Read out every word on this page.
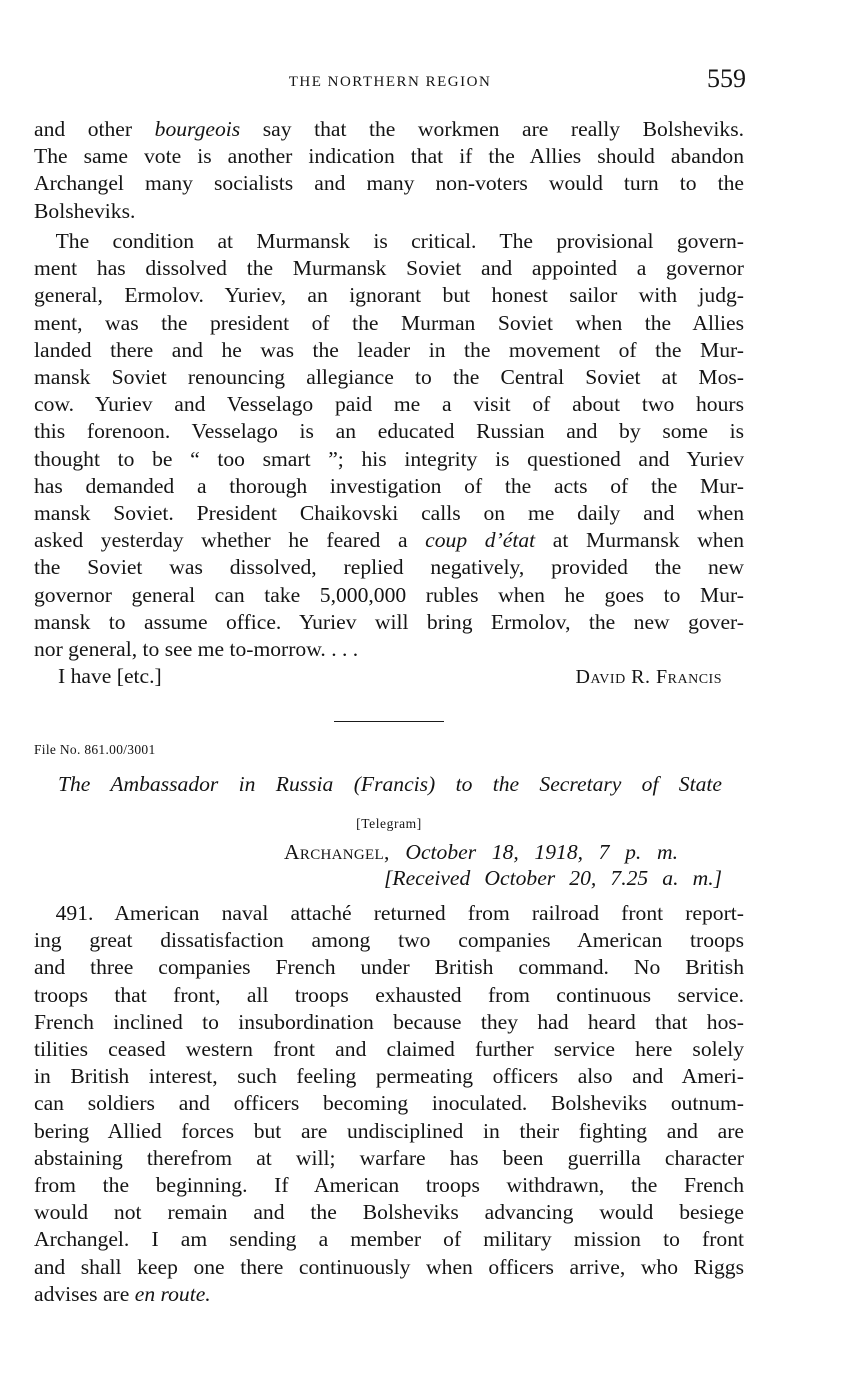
THE NORTHERN REGION	559
and other bourgeois say that the workmen are really Bolsheviks.
The same vote is another indication that if the Allies should abandon
Archangel many socialists and many non-voters would turn to the
Bolsheviks.
 The condition at Murmansk is critical. The provisional govern-
ment has dissolved the Murmansk Soviet and appointed a governor
general, Ermolov. Yuriev, an ignorant but honest sailor with judg-
ment, was the president of the Murman Soviet when the Allies
landed there and he was the leader in the movement of the Mur-
mansk Soviet renouncing allegiance to the Central Soviet at Mos-
cow. Yuriev and Vesselago paid me a visit of about two hours
this forenoon. Vesselago is an educated Russian and by some is
thought to be “ too smart ”; his integrity is questioned and Yuriev
has demanded a thorough investigation of the acts of the Mur-
mansk Soviet. President Chaikovski calls on me daily and when
asked yesterday whether he feared a coup d’état at Murmansk when
the Soviet was dissolved, replied negatively, provided the new
governor general can take 5,000,000 rubles when he goes to Mur-
mansk to assume office. Yuriev will bring Ermolov, the new gover-
nor general, to see me to-morrow. . . .
I have [etc.]	David R. Francis
File No. 861.00/3001
The Ambassador in Russia (Francis) to the Secretary of State
[Telegram]
Archangel, October 18, 1918, 7 p. m.
[Received October 20, 7.25 a. m.]
 491. American naval attaché returned from railroad front report-
ing great dissatisfaction among two companies American troops
and three companies French under British command. No British
troops that front, all troops exhausted from continuous service.
French inclined to insubordination because they had heard that hos-
tilities ceased western front and claimed further service here solely
in British interest, such feeling permeating officers also and Ameri-
can soldiers and officers becoming inoculated. Bolsheviks outnum-
bering Allied forces but are undisciplined in their fighting and are
abstaining therefrom at will; warfare has been guerrilla character
from the beginning. If American troops withdrawn, the French
would not remain and the Bolsheviks advancing would besiege
Archangel. I am sending a member of military mission to front
and shall keep one there continuously when officers arrive, who Riggs
advises are en route.
